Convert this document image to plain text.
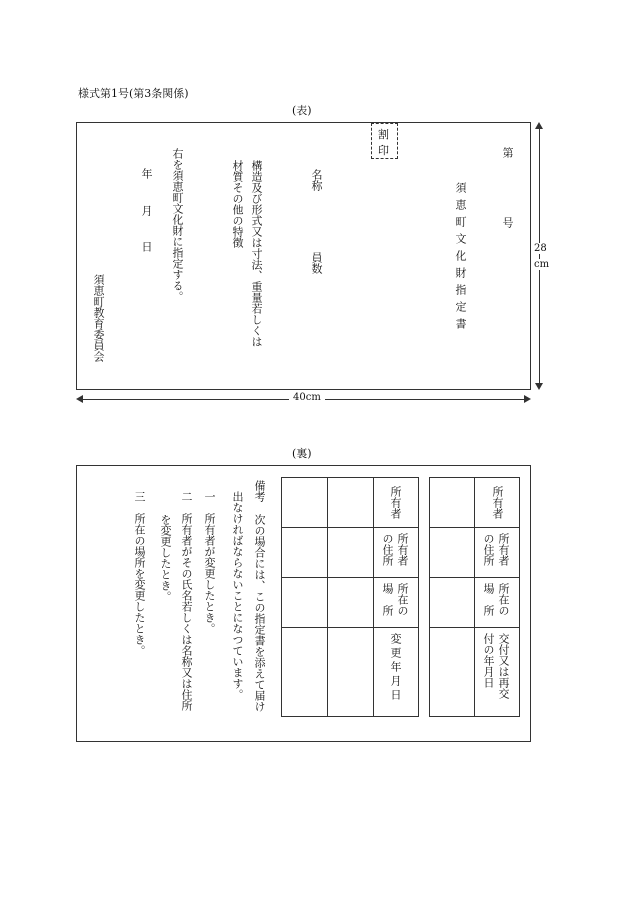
様式第1号(第3条関係)
(表)
第
号
須恵町文化財指定書
割
印
名称
員数
構造及び形式又は寸法、重量若しくは
材質その他の特徴
右を須恵町文化財に指定する。
年
月
日
須恵町教育委員会
28
cm
40cm
(裏)
所有者
所有者
の住所
所在の
場　所
交付又は再交
付の年月日
所有者
所有者
の住所
所在の
場　所
変更年月日
備考
次の場合には、この指定書を添えて届け
出なければならないことになつています。
一　所有者が変更したとき。
二　所有者がその氏名若しくは名称又は住所
を変更したとき。
三　所在の場所を変更したとき。
